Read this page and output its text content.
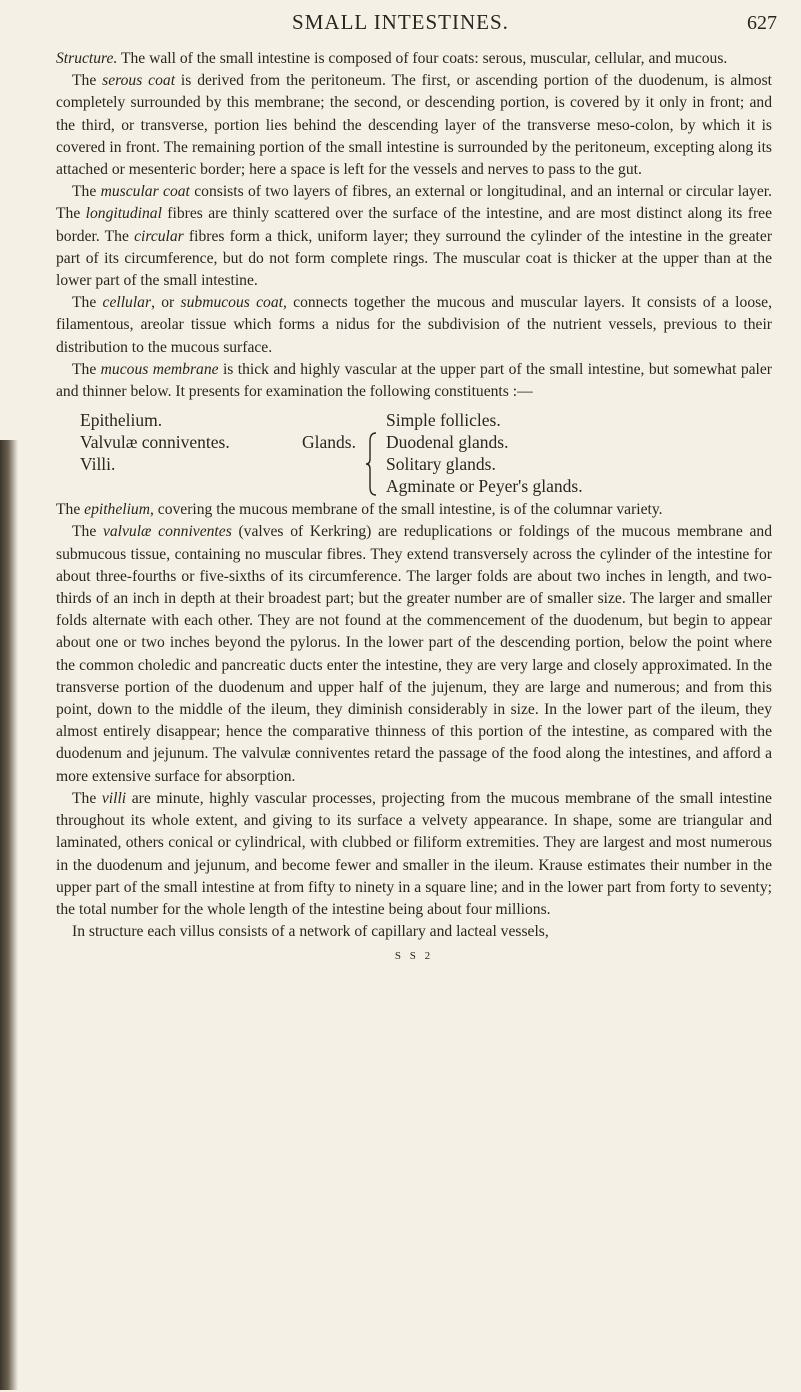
SMALL INTESTINES.	627

Structure. The wall of the small intestine is composed of four coats: serous, muscular, cellular, and mucous.

The serous coat is derived from the peritoneum. The first, or ascending portion of the duodenum, is almost completely surrounded by this membrane; the second, or descending portion, is covered by it only in front; and the third, or transverse, portion lies behind the descending layer of the transverse meso-colon, by which it is covered in front. The remaining portion of the small intestine is surrounded by the peritoneum, excepting along its attached or mesenteric border; here a space is left for the vessels and nerves to pass to the gut.

The muscular coat consists of two layers of fibres, an external or longitudinal, and an internal or circular layer. The longitudinal fibres are thinly scattered over the surface of the intestine, and are most distinct along its free border. The circular fibres form a thick, uniform layer; they surround the cylinder of the intestine in the greater part of its circumference, but do not form complete rings. The muscular coat is thicker at the upper than at the lower part of the small intestine.

The cellular, or submucous coat, connects together the mucous and muscular layers. It consists of a loose, filamentous, areolar tissue which forms a nidus for the subdivision of the nutrient vessels, previous to their distribution to the mucous surface.

The mucous membrane is thick and highly vascular at the upper part of the small intestine, but somewhat paler and thinner below. It presents for examination the following constituents :—

Epithelium.
Valvulæ conniventes.
Villi.
Glands.
Simple follicles.
Duodenal glands.
Solitary glands.
Agminate or Peyer's glands.

The epithelium, covering the mucous membrane of the small intestine, is of the columnar variety.

The valvulæ conniventes (valves of Kerkring) are reduplications or foldings of the mucous membrane and submucous tissue, containing no muscular fibres. They extend transversely across the cylinder of the intestine for about three-fourths or five-sixths of its circumference. The larger folds are about two inches in length, and two-thirds of an inch in depth at their broadest part; but the greater number are of smaller size. The larger and smaller folds alternate with each other. They are not found at the commencement of the duodenum, but begin to appear about one or two inches beyond the pylorus. In the lower part of the descending portion, below the point where the common choledic and pancreatic ducts enter the intestine, they are very large and closely approximated. In the transverse portion of the duodenum and upper half of the jujenum, they are large and numerous; and from this point, down to the middle of the ileum, they diminish considerably in size. In the lower part of the ileum, they almost entirely disappear; hence the comparative thinness of this portion of the intestine, as compared with the duodenum and jejunum. The valvulæ conniventes retard the passage of the food along the intestines, and afford a more extensive surface for absorption.

The villi are minute, highly vascular processes, projecting from the mucous membrane of the small intestine throughout its whole extent, and giving to its surface a velvety appearance. In shape, some are triangular and laminated, others conical or cylindrical, with clubbed or filiform extremities. They are largest and most numerous in the duodenum and jejunum, and become fewer and smaller in the ileum. Krause estimates their number in the upper part of the small intestine at from fifty to ninety in a square line; and in the lower part from forty to seventy; the total number for the whole length of the intestine being about four millions.

In structure each villus consists of a network of capillary and lacteal vessels,

S S 2
